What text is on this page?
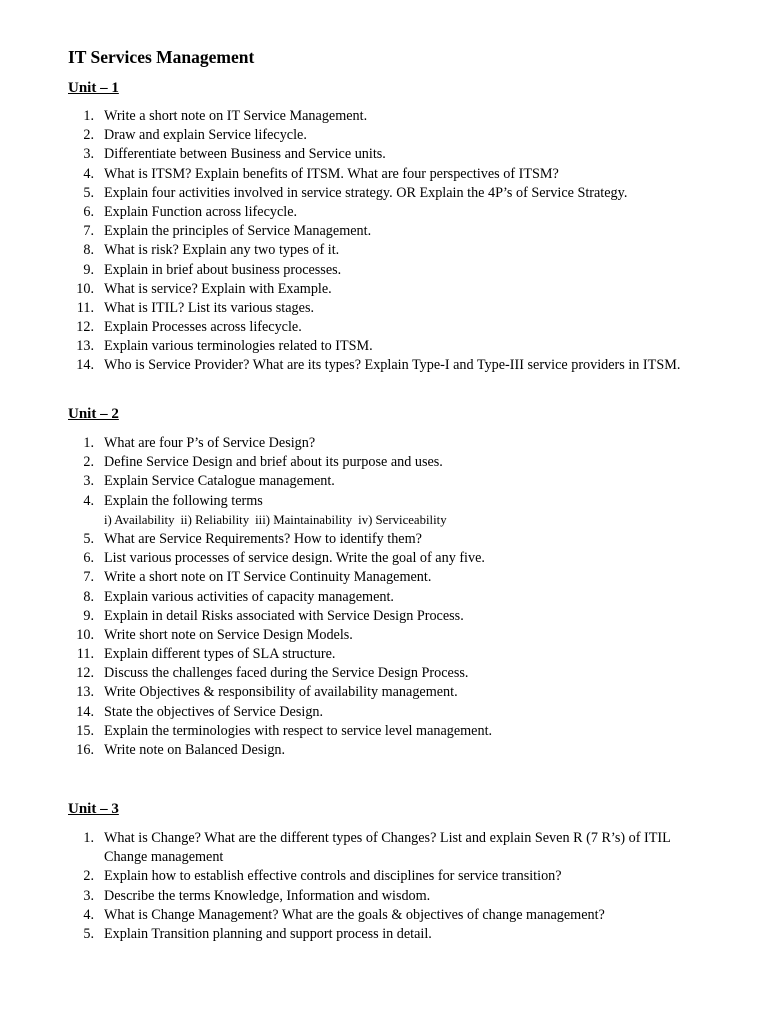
IT Services Management
Unit – 1
1. Write a short note on IT Service Management.
2. Draw and explain Service lifecycle.
3. Differentiate between Business and Service units.
4. What is ITSM? Explain benefits of ITSM. What are four perspectives of ITSM?
5. Explain four activities involved in service strategy. OR Explain the 4P’s of Service Strategy.
6. Explain Function across lifecycle.
7. Explain the principles of Service Management.
8. What is risk? Explain any two types of it.
9. Explain in brief about business processes.
10. What is service? Explain with Example.
11. What is ITIL? List its various stages.
12. Explain Processes across lifecycle.
13. Explain various terminologies related to ITSM.
14. Who is Service Provider? What are its types? Explain Type-I and Type-III service providers in ITSM.
Unit – 2
1. What are four P’s of Service Design?
2. Define Service Design and brief about its purpose and uses.
3. Explain Service Catalogue management.
4. Explain the following terms
i) Availability ii) Reliability iii) Maintainability iv) Serviceability
5. What are Service Requirements? How to identify them?
6. List various processes of service design. Write the goal of any five.
7. Write a short note on IT Service Continuity Management.
8. Explain various activities of capacity management.
9. Explain in detail Risks associated with Service Design Process.
10. Write short note on Service Design Models.
11. Explain different types of SLA structure.
12. Discuss the challenges faced during the Service Design Process.
13. Write Objectives & responsibility of availability management.
14. State the objectives of Service Design.
15. Explain the terminologies with respect to service level management.
16. Write note on Balanced Design.
Unit – 3
1. What is Change? What are the different types of Changes? List and explain Seven R (7 R’s) of ITIL
Change management
2. Explain how to establish effective controls and disciplines for service transition?
3. Describe the terms Knowledge, Information and wisdom.
4. What is Change Management? What are the goals & objectives of change management?
5. Explain Transition planning and support process in detail.
